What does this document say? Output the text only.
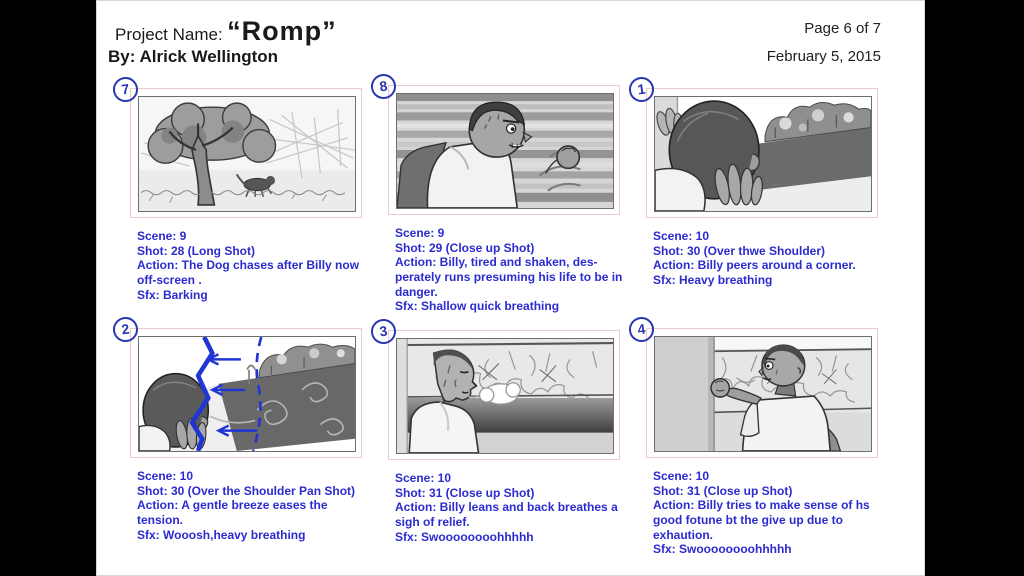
Project Name: “Romp”
By: Alrick Wellington
Page 6 of 7
February 5, 2015
7
Scene: 9
Shot: 28 (Long Shot)
Action: The Dog chases after Billy now off-screen .
Sfx: Barking
8
Scene: 9
Shot: 29 (Close up Shot)
Action: Billy, tired and shaken, des- perately runs presuming his life to be in danger.
Sfx: Shallow quick breathing
1
Scene: 10
Shot: 30 (Over thwe Shoulder)
Action: Billy peers around a corner.
Sfx: Heavy breathing
2
Scene: 10
Shot: 30 (Over the Shoulder Pan Shot)
Action: A gentle breeze eases the tension.
Sfx: Wooosh,heavy breathing
3
Scene: 10
Shot: 31 (Close up Shot)
Action: Billy leans and back breathes a sigh of relief.
Sfx: Swoooooooohhhhh
4
Scene: 10
Shot: 31 (Close up Shot)
Action: Billy tries to make sense of hs good fotune bt the give up due to exhaution.
Sfx: Swoooooooohhhhh
